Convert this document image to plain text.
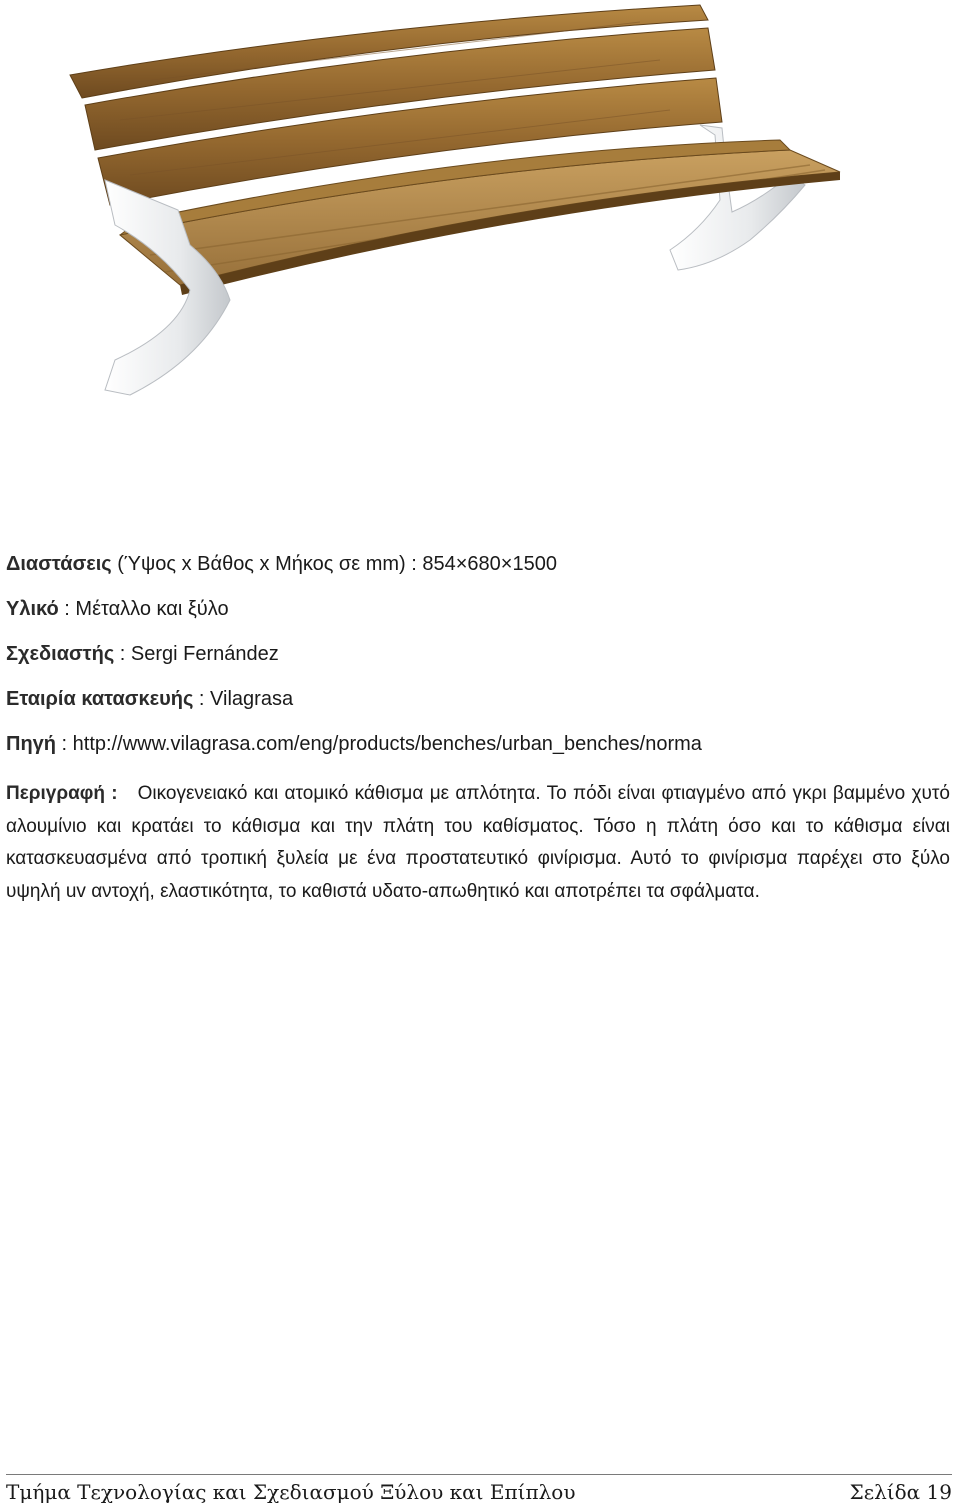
Διαστάσεις (Ύψος x Βάθος x Μήκος σε mm) : 854×680×1500
Υλικό : Μέταλλο και ξύλο
Σχεδιαστής : Sergi Fernández
Εταιρία κατασκευής : Vilagrasa
Πηγή : http://www.vilagrasa.com/eng/products/benches/urban_benches/norma
Περιγραφή : Οικογενειακό και ατομικό κάθισμα με απλότητα. Το πόδι είναι φτιαγμένο από γκρι βαμμένο χυτό αλουμίνιο και κρατάει το κάθισμα και την πλάτη του καθίσματος. Τόσο η πλάτη όσο και το κάθισμα είναι κατασκευασμένα από τροπική ξυλεία με ένα προστατευτικό φινίρισμα. Αυτό το φινίρισμα παρέχει στο ξύλο υψηλή uv αντοχή, ελαστικότητα, το καθιστά υδατο-απωθητικό και αποτρέπει τα σφάλματα.
Τμήμα Τεχνολογίας και Σχεδιασμού Ξύλου και Επίπλου	Σελίδα 19
